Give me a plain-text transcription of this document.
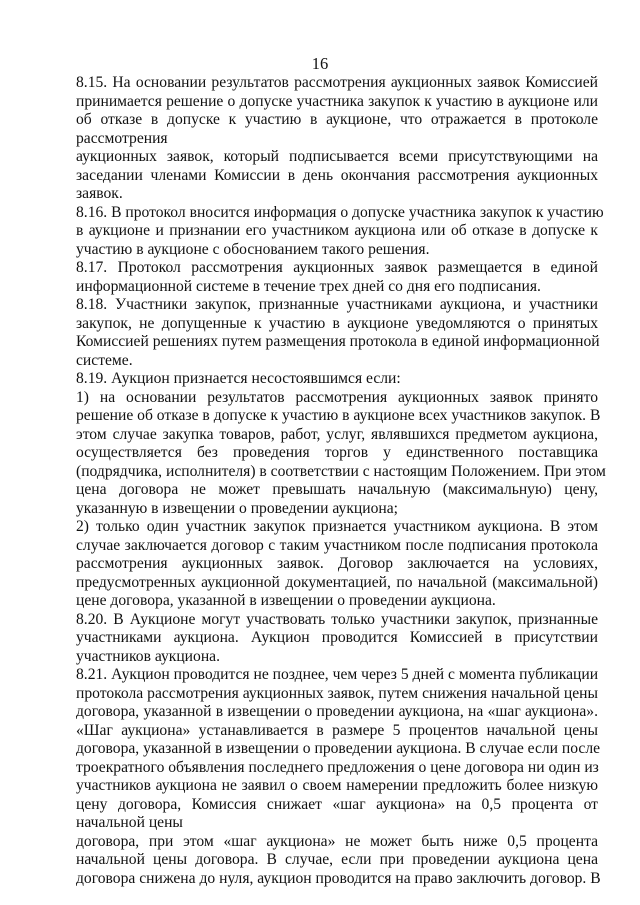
16
8.15. На основании результатов рассмотрения аукционных заявок Комиссией
принимается решение о допуске участника закупок к участию в аукционе или
об отказе в допуске к участию в аукционе, что отражается в протоколе
рассмотрения
аукционных заявок, который подписывается всеми присутствующими на
заседании членами Комиссии в день окончания рассмотрения аукционных
заявок.
8.16. В протокол вносится информация о допуске участника закупок к участию
в аукционе и признании его участником аукциона или об отказе в допуске к
участию в аукционе с обоснованием такого решения.
8.17. Протокол рассмотрения аукционных заявок размещается в единой
информационной системе в течение трех дней со дня его подписания.
8.18. Участники закупок, признанные участниками аукциона, и участники
закупок, не допущенные к участию в аукционе уведомляются о принятых
Комиссией решениях путем размещения протокола в единой информационной
системе.
8.19. Аукцион признается несостоявшимся если:
1) на основании результатов рассмотрения аукционных заявок принято
решение об отказе в допуске к участию в аукционе всех участников закупок. В
этом случае закупка товаров, работ, услуг, являвшихся предметом аукциона,
осуществляется без проведения торгов у единственного поставщика
(подрядчика, исполнителя) в соответствии с настоящим Положением. При этом
цена договора не может превышать начальную (максимальную) цену,
указанную в извещении о проведении аукциона;
2) только один участник закупок признается участником аукциона. В этом
случае заключается договор с таким участником после подписания протокола
рассмотрения аукционных заявок. Договор заключается на условиях,
предусмотренных аукционной документацией, по начальной (максимальной)
цене договора, указанной в извещении о проведении аукциона.
8.20. В Аукционе могут участвовать только участники закупок, признанные
участниками аукциона. Аукцион проводится Комиссией в присутствии
участников аукциона.
8.21. Аукцион проводится не позднее, чем через 5 дней с момента публикации
протокола рассмотрения аукционных заявок, путем снижения начальной цены
договора, указанной в извещении о проведении аукциона, на «шаг аукциона».
«Шаг аукциона» устанавливается в размере 5 процентов начальной цены
договора, указанной в извещении о проведении аукциона. В случае если после
троекратного объявления последнего предложения о цене договора ни один из
участников аукциона не заявил о своем намерении предложить более низкую
цену договора, Комиссия снижает «шаг аукциона» на 0,5 процента от
начальной цены
договора, при этом «шаг аукциона» не может быть ниже 0,5 процента
начальной цены договора. В случае, если при проведении аукциона цена
договора снижена до нуля, аукцион проводится на право заключить договор. В
